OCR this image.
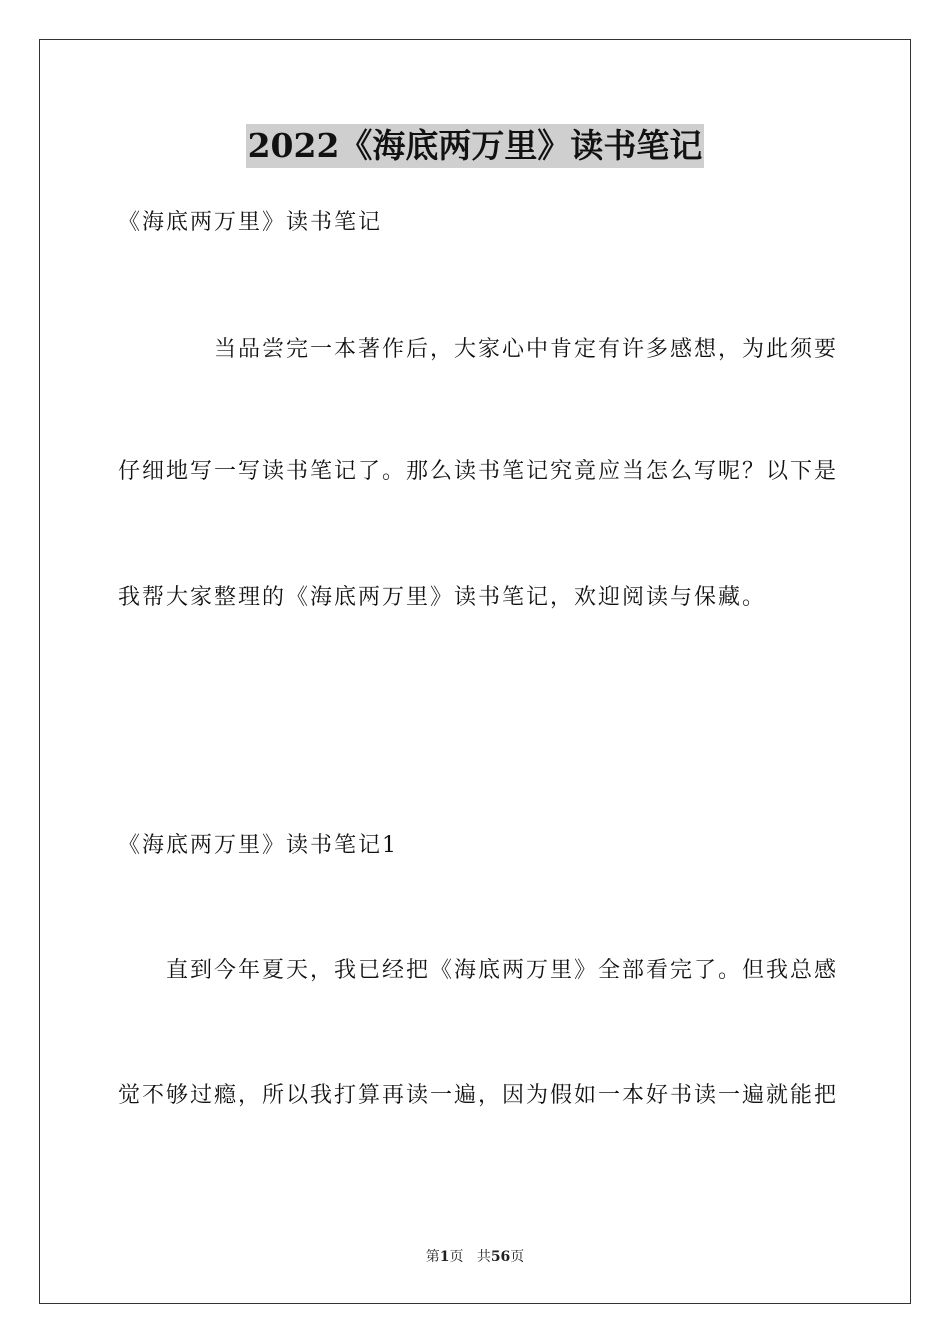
2022《海底两万里》读书笔记
《海底两万里》读书笔记
当品尝完一本著作后，大家心中肯定有许多感想，为此须要
仔细地写一写读书笔记了。那么读书笔记究竟应当怎么写呢？以下是
我帮大家整理的《海底两万里》读书笔记，欢迎阅读与保藏。
《海底两万里》读书笔记1
直到今年夏天，我已经把《海底两万里》全部看完了。但我总感
觉不够过瘾，所以我打算再读一遍，因为假如一本好书读一遍就能把
第1页 共56页
